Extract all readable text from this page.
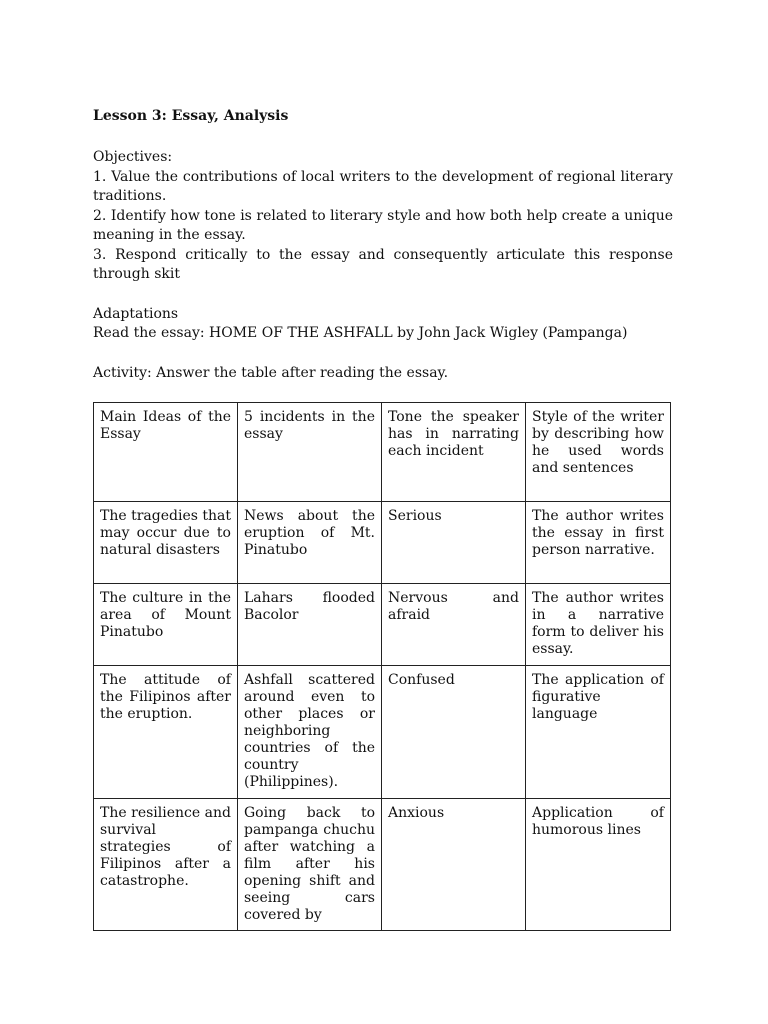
Lesson 3: Essay, Analysis

Objectives:

1. Value the contributions of local writers to the development of regional literary traditions.

2. Identify how tone is related to literary style and how both help create a unique meaning in the essay.

3. Respond critically to the essay and consequently articulate this response through skit

Adaptations

Read the essay: HOME OF THE ASHFALL by John Jack Wigley (Pampanga)

Activity: Answer the table after reading the essay.

Main Ideas of the Essay	5 incidents in the essay	Tone the speaker has in narrating each incident	Style of the writer by describing how he used words and sentences
The tragedies that may occur due to natural disasters	News about the eruption of Mt. Pinatubo	Serious	The author writes the essay in first person narrative.
The culture in the area of Mount Pinatubo	Lahars flooded Bacolor	Nervous and afraid	The author writes in a narrative form to deliver his essay.
The attitude of the Filipinos after the eruption.	Ashfall scattered around even to other places or neighboring countries of the country (Philippines).	Confused	The application of figurative language
The resilience and survival strategies of Filipinos after a catastrophe.	Going back to pampanga chuchu after watching a film after his opening shift and seeing cars covered by	Anxious	Application of humorous lines
